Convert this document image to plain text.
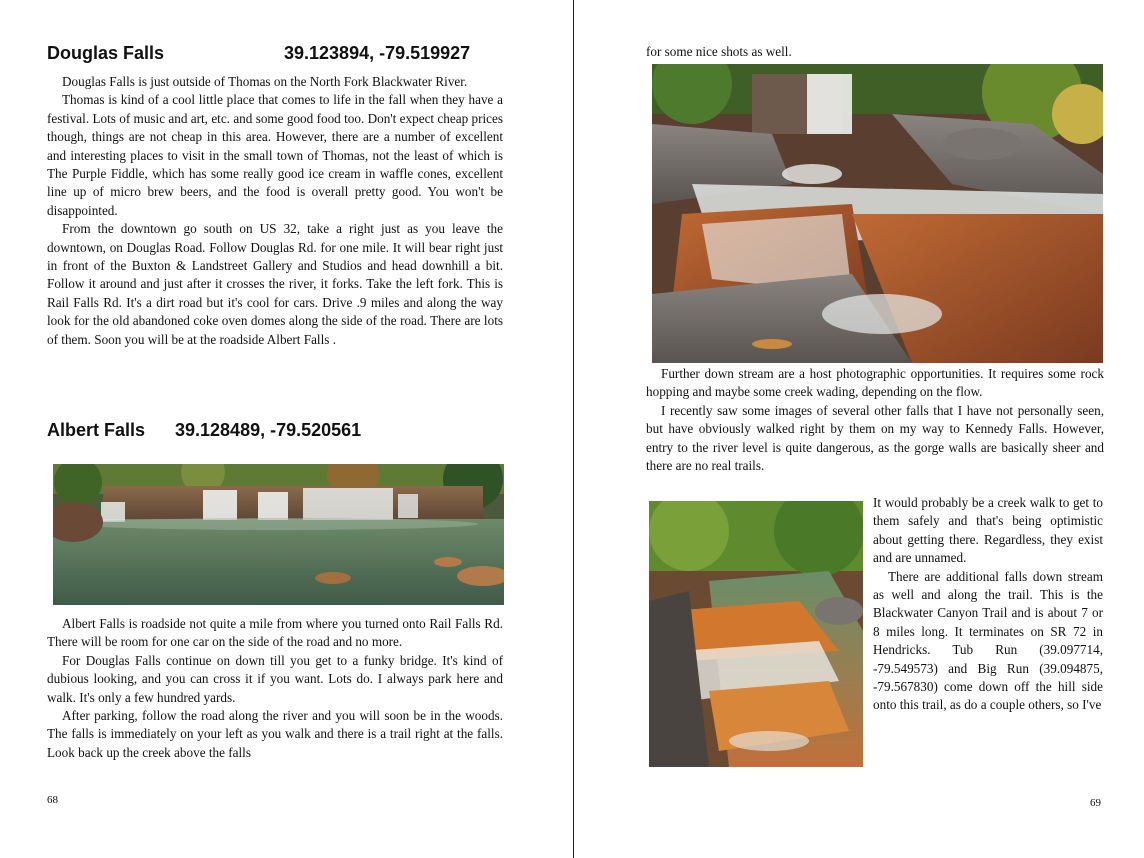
Douglas Falls	39.123894, -79.519927

Douglas Falls is just outside of Thomas on the North Fork Blackwater River.

Thomas is kind of a cool little place that comes to life in the fall when they have a festival. Lots of music and art, etc. and some good food too. Don't expect cheap prices though, things are not cheap in this area. However, there are a number of excellent and interesting places to visit in the small town of Thomas, not the least of which is The Purple Fiddle, which has some really good ice cream in waffle cones, excellent line up of micro brew beers, and the food is overall pretty good. You won't be disappointed.

From the downtown go south on US 32, take a right just as you leave the downtown, on Douglas Road. Follow Douglas Rd. for one mile. It will bear right just in front of the Buxton & Landstreet Gallery and Studios and head downhill a bit. Follow it around and just after it crosses the river, it forks. Take the left fork. This is Rail Falls Rd. It's a dirt road but it's cool for cars. Drive .9 miles and along the way look for the old abandoned coke oven domes along the side of the road. There are lots of them. Soon you will be at the roadside Albert Falls .

Albert Falls 39.128489, -79.520561

Albert Falls is roadside not quite a mile from where you turned onto Rail Falls Rd. There will be room for one car on the side of the road and no more.

For Douglas Falls continue on down till you get to a funky bridge. It's kind of dubious looking, and you can cross it if you want. Lots do. I always park here and walk. It's only a few hundred yards.

After parking, follow the road along the river and you will soon be in the woods. The falls is immediately on your left as you walk and there is a trail right at the falls. Look back up the creek above the falls

68

for some nice shots as well.

Further down stream are a host photographic opportunities. It requires some rock hopping and maybe some creek wading, depending on the flow.

I recently saw some images of several other falls that I have not personally seen, but have obviously walked right by them on my way to Kennedy Falls. However, entry to the river level is quite dangerous, as the gorge walls are basically sheer and there are no real trails.

It would probably be a creek walk to get to them safely and that's being optimistic about getting there. Regardless, they exist and are unnamed.

There are additional falls down stream as well and along the trail. This is the Blackwater Canyon Trail and is about 7 or 8 miles long. It terminates on SR 72 in Hendricks. Tub Run (39.097714, -79.549573) and Big Run (39.094875, -79.567830) come down off the hill side onto this trail, as do a couple others, so I've

69
